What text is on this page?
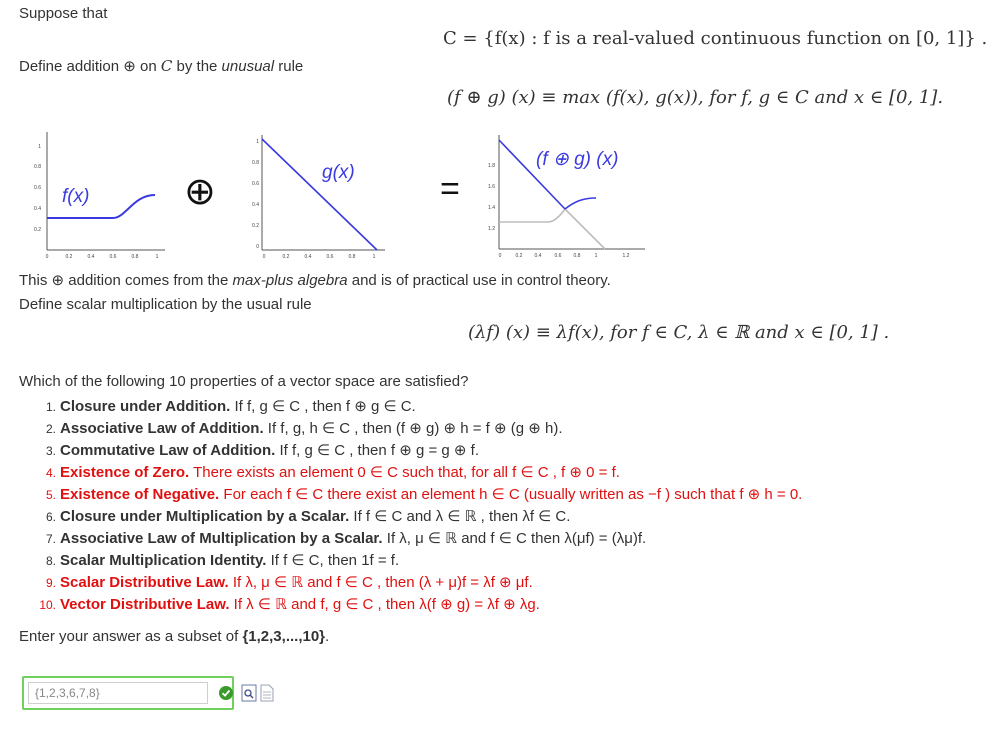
Suppose that
C = {f(x) : f is a real-valued continuous function on [0, 1]} .
Define addition ⊕ on C by the unusual rule
(f ⊕ g) (x) ≡ max (f(x), g(x)), for f, g ∈ C and x ∈ [0, 1].
1
0.8
0.6
0.4
0.2
0	0.2	0.4	0.6	0.8	1
f(x) ⊕
1
0.8
0.6
0.4
0.2
0
0	0.2	0.4	0.6	0.8	1
g(x)	=
1.8
1.6
1.4
1.2
0	0.2 0.4	0.6 0.8	1	1.2
(f ⊕ g) (x)
This ⊕ addition comes from the max-plus algebra and is of practical use in control theory.
Define scalar multiplication by the usual rule
(λf) (x) ≡ λf(x), for f ∈ C, λ ∈ ℝ and x ∈ [0, 1] .
Which of the following 10 properties of a vector space are satisfied?
1. Closure under Addition. If f, g ∈ C , then f ⊕ g ∈ C.
2. Associative Law of Addition. If f, g, h ∈ C , then (f ⊕ g) ⊕ h = f ⊕ (g ⊕ h).
3. Commutative Law of Addition. If f, g ∈ C , then f ⊕ g = g ⊕ f.
4. Existence of Zero. There exists an element 0 ∈ C such that, for all f ∈ C , f ⊕ 0 = f.
5. Existence of Negative. For each f ∈ C there exist an element h ∈ C (usually written as −f ) such that f ⊕ h = 0.
6. Closure under Multiplication by a Scalar. If f ∈ C and λ ∈ ℝ , then λf ∈ C.
7. Associative Law of Multiplication by a Scalar. If λ, μ ∈ ℝ and f ∈ C then λ(μf) = (λμ)f.
8. Scalar Multiplication Identity. If f ∈ C, then 1f = f.
9. Scalar Distributive Law. If λ, μ ∈ ℝ and f ∈ C , then (λ + μ)f = λf ⊕ μf.
10. Vector Distributive Law. If λ ∈ ℝ and f, g ∈ C , then λ(f ⊕ g) = λf ⊕ λg.
Enter your answer as a subset of {1,2,3,...,10}.
{1,2,3,6,7,8}
